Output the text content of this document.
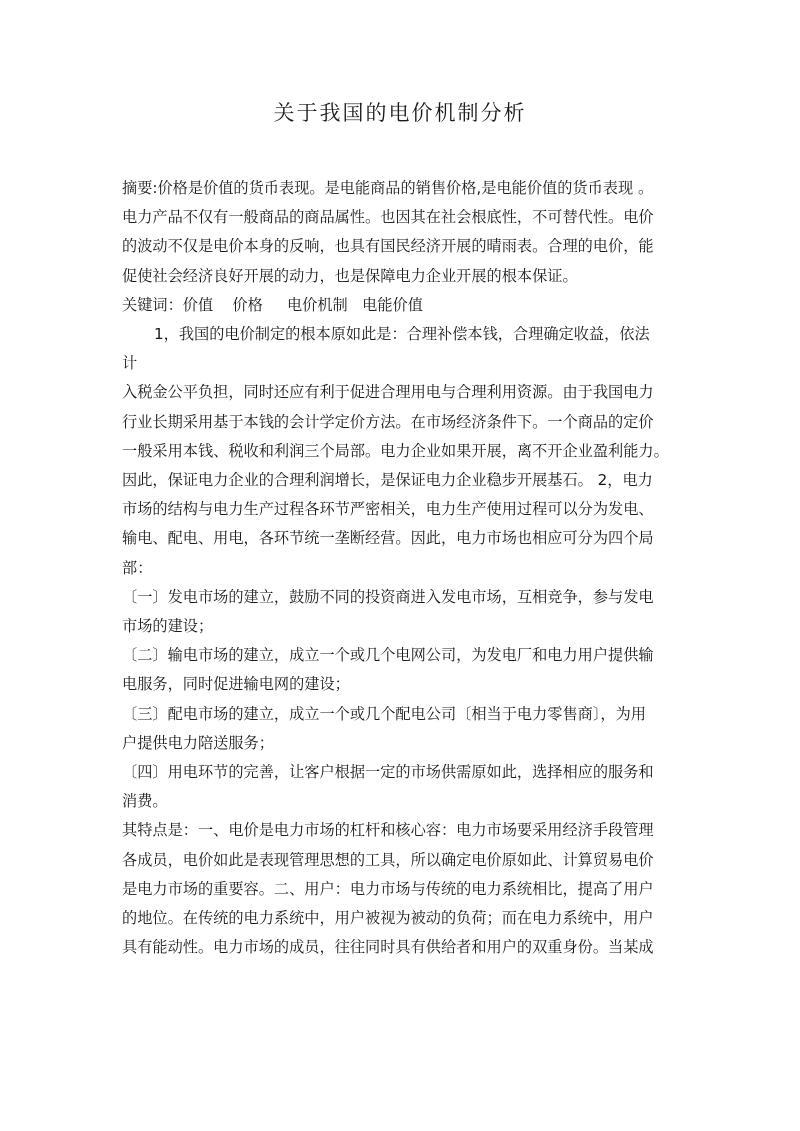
关于我国的电价机制分析

摘要:价格是价值的货币表现。是电能商品的销售价格,是电能价值的货币表现 。

电力产品不仅有一般商品的商品属性。也因其在社会根底性，不可替代性。电价

的波动不仅是电价本身的反响，也具有国民经济开展的晴雨表。合理的电价，能

促使社会经济良好开展的动力，也是保障电力企业开展的根本保证。

关键词：价值    价格     电价机制   电能价值

1，我国的电价制定的根本原如此是：合理补偿本钱，合理确定收益，依法

计

入税金公平负担，同时还应有利于促进合理用电与合理利用资源。由于我国电力

行业长期采用基于本钱的会计学定价方法。在市场经济条件下。一个商品的定价

一般采用本钱、税收和利润三个局部。电力企业如果开展，离不开企业盈利能力。

因此，保证电力企业的合理利润增长，是保证电力企业稳步开展基石。 2，电力

市场的结构与电力生产过程各环节严密相关，电力生产使用过程可以分为发电、

输电、配电、用电，各环节统一垄断经营。因此，电力市场也相应可分为四个局

部：

〔一〕发电市场的建立，鼓励不同的投资商进入发电市场，互相竞争，参与发电

市场的建设；

〔二〕输电市场的建立，成立一个或几个电网公司，为发电厂和电力用户提供输

电服务，同时促进输电网的建设；

〔三〕配电市场的建立，成立一个或几个配电公司〔相当于电力零售商〕，为用

户提供电力陪送服务；

〔四〕用电环节的完善，让客户根据一定的市场供需原如此，选择相应的服务和

消费。

其特点是：一、电价是电力市场的杠杆和核心容：电力市场要采用经济手段管理

各成员，电价如此是表现管理思想的工具，所以确定电价原如此、计算贸易电价

是电力市场的重要容。二、用户：电力市场与传统的电力系统相比，提高了用户

的地位。在传统的电力系统中，用户被视为被动的负荷；而在电力系统中，用户

具有能动性。电力市场的成员，往往同时具有供给者和用户的双重身份。当某成
